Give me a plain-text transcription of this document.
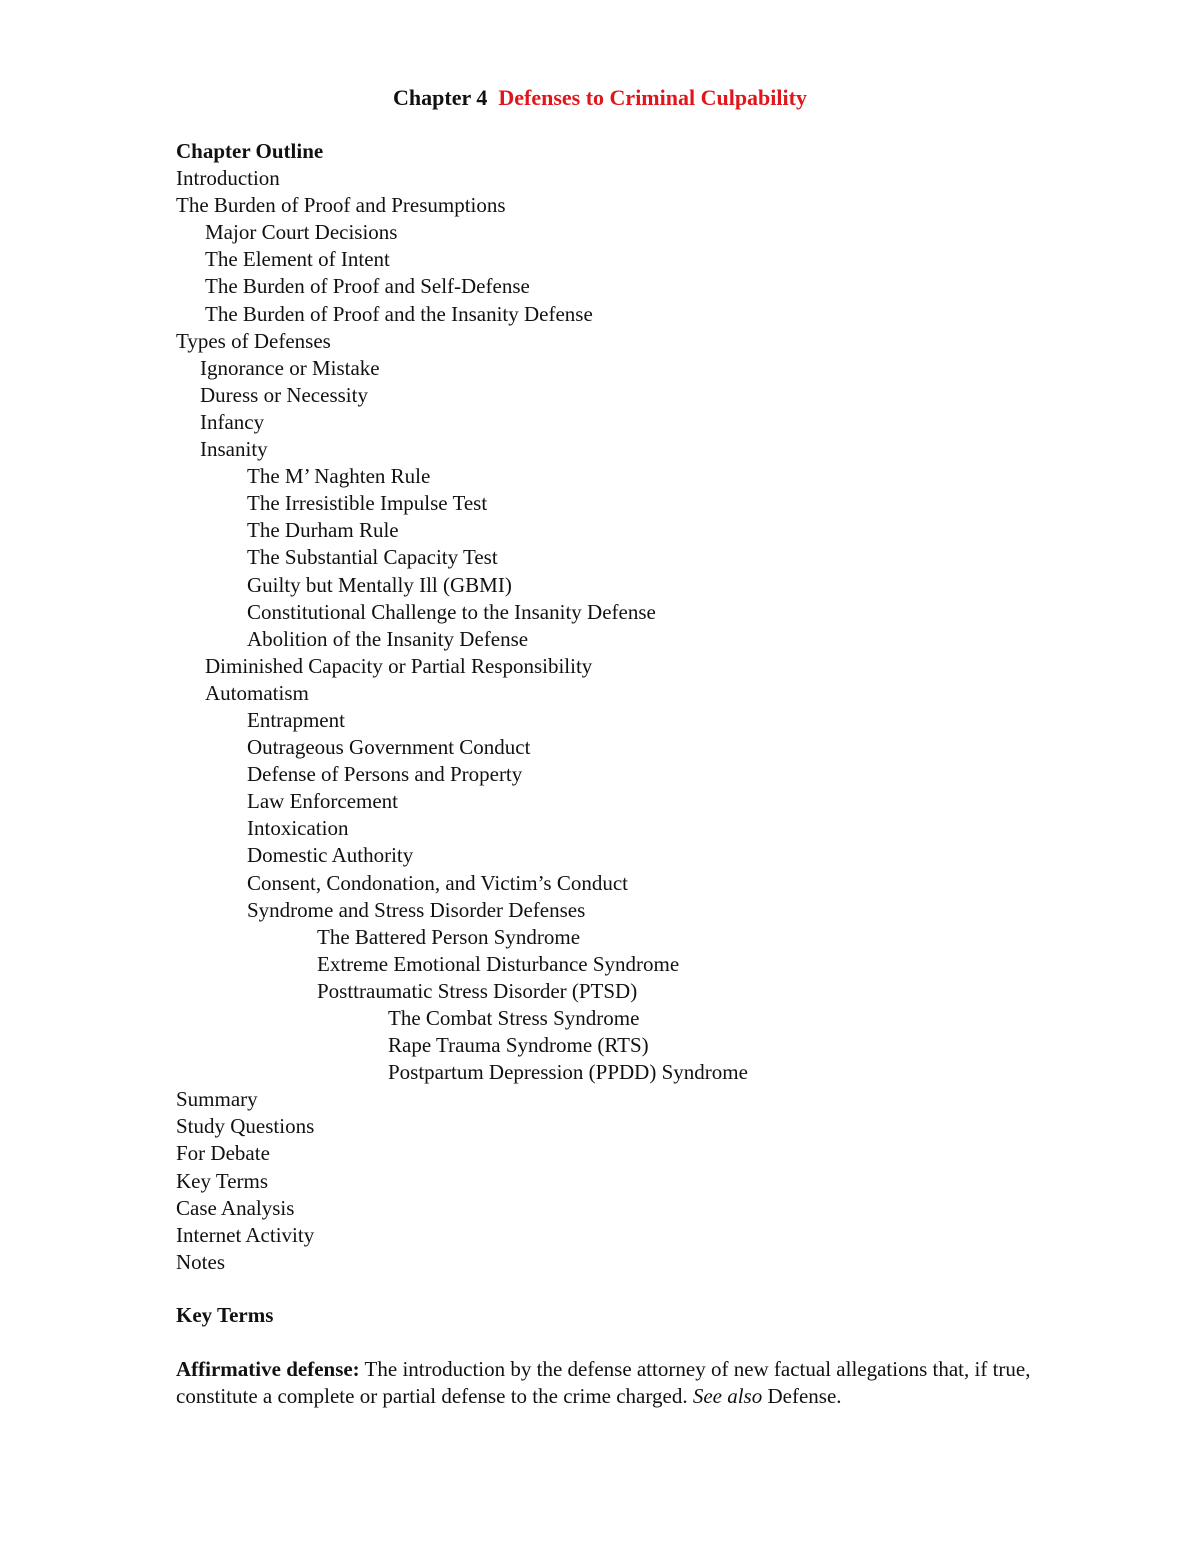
Chapter 4 Defenses to Criminal Culpability
Chapter Outline
Introduction
The Burden of Proof and Presumptions
Major Court Decisions
The Element of Intent
The Burden of Proof and Self-Defense
The Burden of Proof and the Insanity Defense
Types of Defenses
Ignorance or Mistake
Duress or Necessity
Infancy
Insanity
The M’ Naghten Rule
The Irresistible Impulse Test
The Durham Rule
The Substantial Capacity Test
Guilty but Mentally Ill (GBMI)
Constitutional Challenge to the Insanity Defense
Abolition of the Insanity Defense
Diminished Capacity or Partial Responsibility
Automatism
Entrapment
Outrageous Government Conduct
Defense of Persons and Property
Law Enforcement
Intoxication
Domestic Authority
Consent, Condonation, and Victim’s Conduct
Syndrome and Stress Disorder Defenses
The Battered Person Syndrome
Extreme Emotional Disturbance Syndrome
Posttraumatic Stress Disorder (PTSD)
The Combat Stress Syndrome
Rape Trauma Syndrome (RTS)
Postpartum Depression (PPDD) Syndrome
Summary
Study Questions
For Debate
Key Terms
Case Analysis
Internet Activity
Notes
Key Terms
Affirmative defense: The introduction by the defense attorney of new factual allegations that, if true, constitute a complete or partial defense to the crime charged. See also Defense.
